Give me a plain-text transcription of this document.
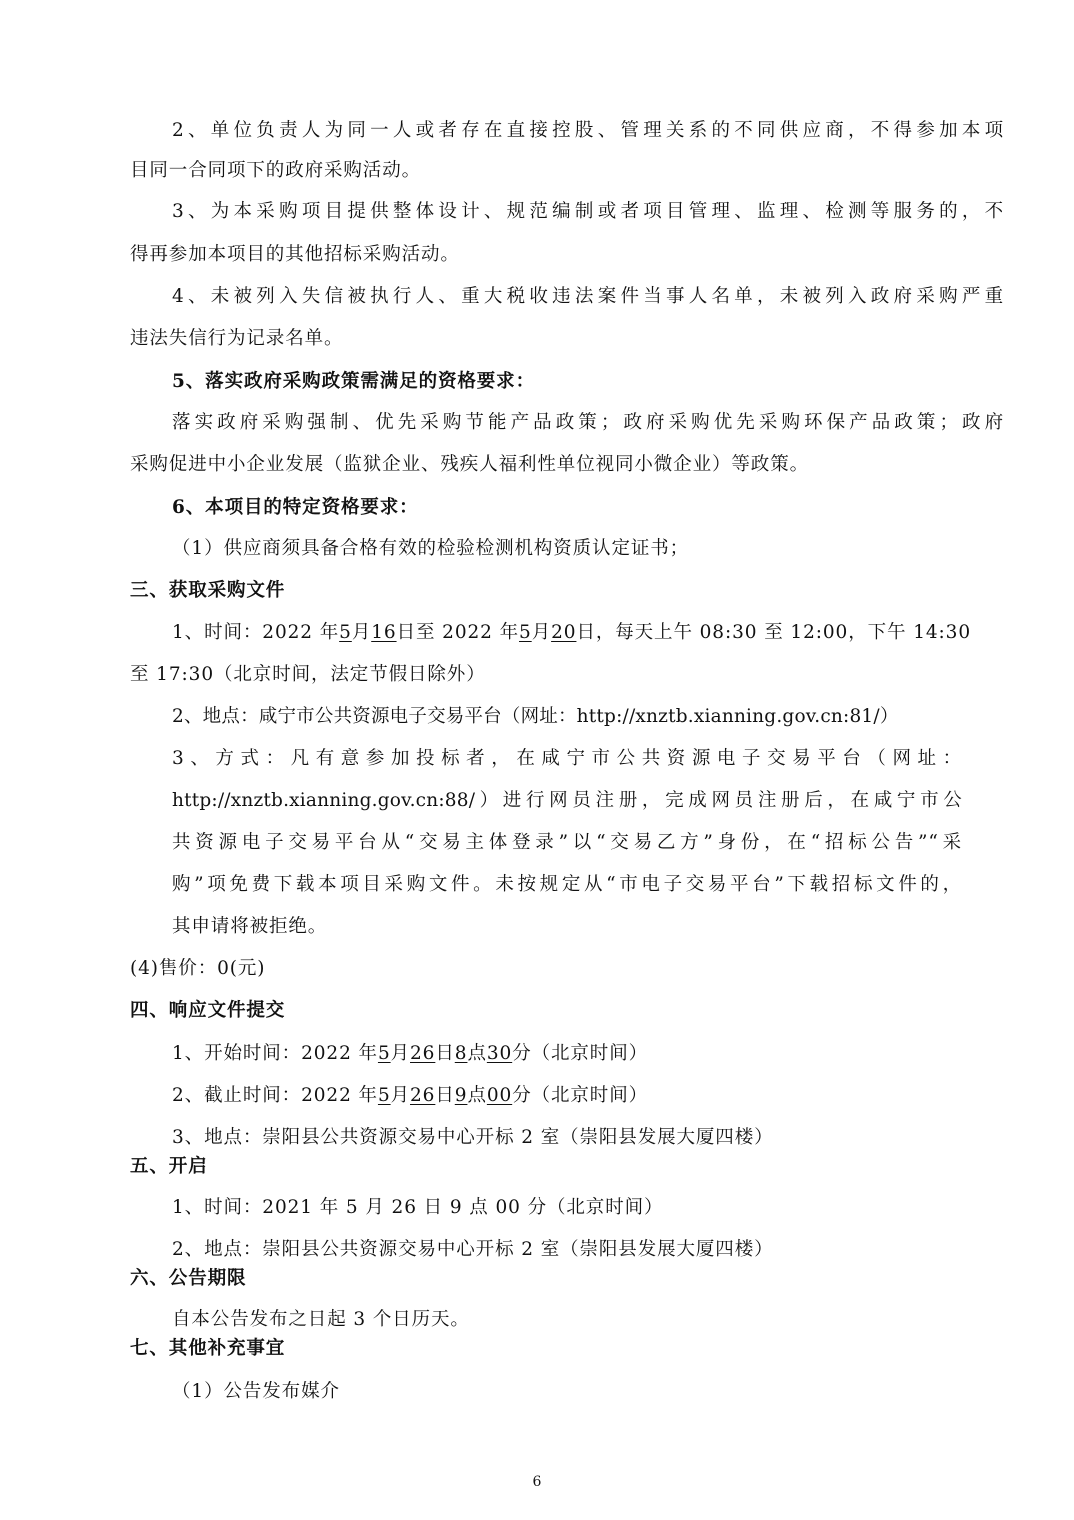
2、单位负责人为同一人或者存在直接控股、管理关系的不同供应商，不得参加本项
目同一合同项下的政府采购活动。
3、为本采购项目提供整体设计、规范编制或者项目管理、监理、检测等服务的，不
得再参加本项目的其他招标采购活动。
4、未被列入失信被执行人、重大税收违法案件当事人名单，未被列入政府采购严重
违法失信行为记录名单。
5、落实政府采购政策需满足的资格要求：
落实政府采购强制、优先采购节能产品政策；政府采购优先采购环保产品政策；政府
采购促进中小企业发展（监狱企业、残疾人福利性单位视同小微企业）等政策。
6、本项目的特定资格要求：
（1）供应商须具备合格有效的检验检测机构资质认定证书；
三、获取采购文件
1、时间：2022 年5月16日至 2022 年5月20日，每天上午 08:30 至 12:00，下午 14:30
至 17:30（北京时间，法定节假日除外）
2、地点：咸宁市公共资源电子交易平台（网址：http://xnztb.xianning.gov.cn:81/）
3、方式：凡有意参加投标者，在咸宁市公共资源电子交易平台（网址：
http://xnztb.xianning.gov.cn:88/）进行网员注册，完成网员注册后，在咸宁市公
共资源电子交易平台从“交易主体登录”以“交易乙方”身份，在“招标公告”“采
购”项免费下载本项目采购文件。未按规定从“市电子交易平台”下载招标文件的，
其申请将被拒绝。
(4)售价：0(元)
四、响应文件提交
1、开始时间：2022 年5月26日8点30分（北京时间）
2、截止时间：2022 年5月26日9点00分（北京时间）
3、地点：崇阳县公共资源交易中心开标 2 室（崇阳县发展大厦四楼）
五、开启
1、时间：2021 年 5 月 26 日 9 点 00 分（北京时间）
2、地点：崇阳县公共资源交易中心开标 2 室（崇阳县发展大厦四楼）
六、公告期限
自本公告发布之日起 3 个日历天。
七、其他补充事宜
（1）公告发布媒介
6
